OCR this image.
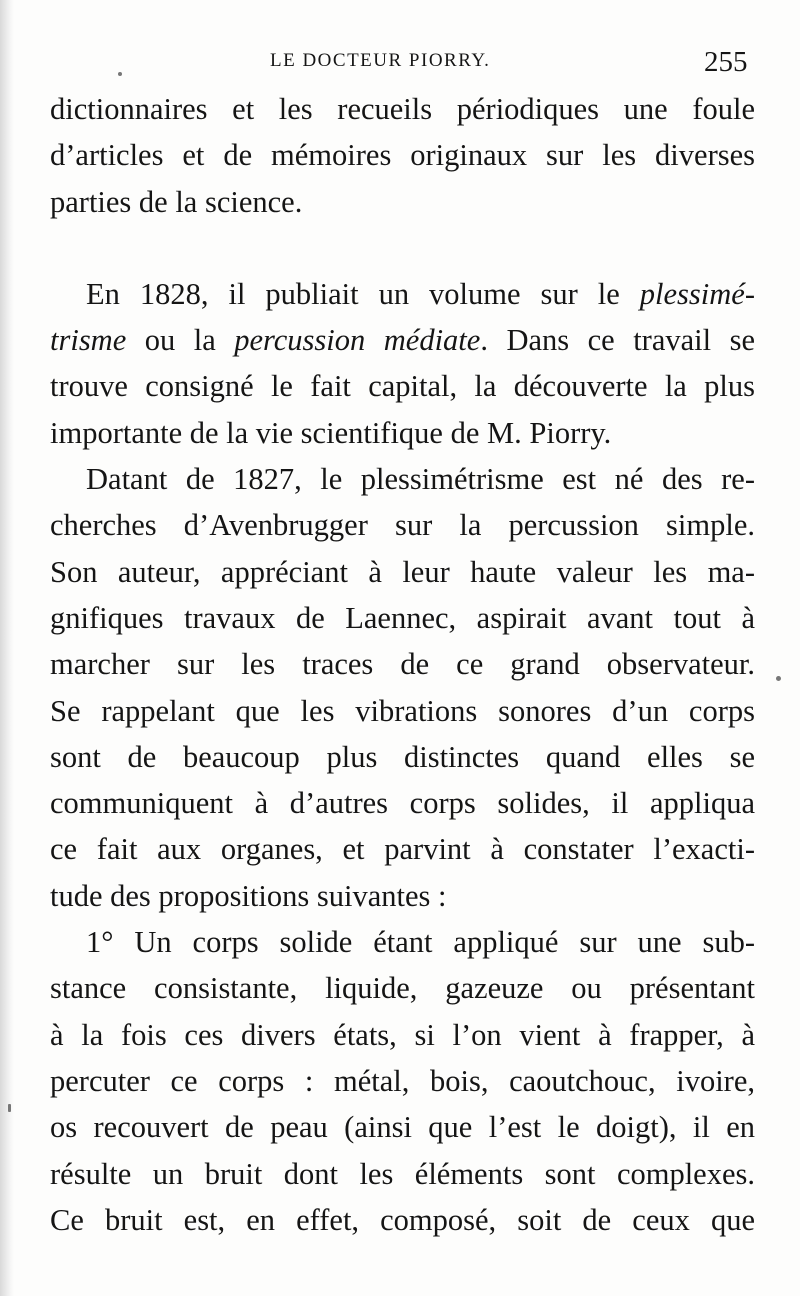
LE DOCTEUR PIORRY.	255
dictionnaires et les recueils périodiques une foule
d’articles et de mémoires originaux sur les diverses
parties de la science.
En 1828, il publiait un volume sur le plessimé-
trisme ou la percussion médiate. Dans ce travail se
trouve consigné le fait capital, la découverte la plus
importante de la vie scientifique de M. Piorry.
Datant de 1827, le plessimétrisme est né des re-
cherches d’Avenbrugger sur la percussion simple.
Son auteur, appréciant à leur haute valeur les ma-
gnifiques travaux de Laennec, aspirait avant tout à
marcher sur les traces de ce grand observateur.
Se rappelant que les vibrations sonores d’un corps
sont de beaucoup plus distinctes quand elles se
communiquent à d’autres corps solides, il appliqua
ce fait aux organes, et parvint à constater l’exacti-
tude des propositions suivantes :
1° Un corps solide étant appliqué sur une sub-
stance consistante, liquide, gazeuze ou présentant
à la fois ces divers états, si l’on vient à frapper, à
percuter ce corps : métal, bois, caoutchouc, ivoire,
os recouvert de peau (ainsi que l’est le doigt), il en
résulte un bruit dont les éléments sont complexes.
Ce bruit est, en effet, composé, soit de ceux que
